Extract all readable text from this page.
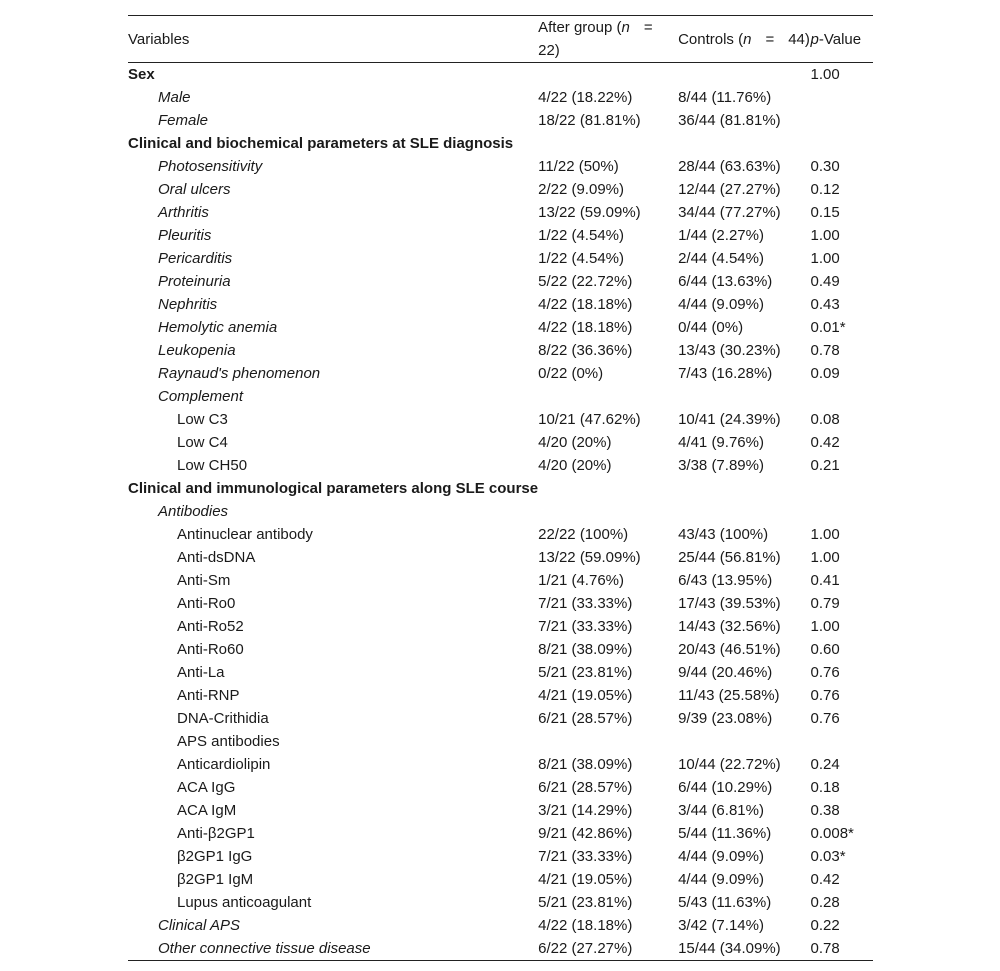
Variables	After group (n =22)	Controls (n = 44)	p-Value
Sex			1.00
Male	4/22 (18.22%)	8/44 (11.76%)	
Female	18/22 (81.81%)	36/44 (81.81%)	
Clinical and biochemical parameters at SLE diagnosis			
Photosensitivity	11/22 (50%)	28/44 (63.63%)	0.30
Oral ulcers	2/22 (9.09%)	12/44 (27.27%)	0.12
Arthritis	13/22 (59.09%)	34/44 (77.27%)	0.15
Pleuritis	1/22 (4.54%)	1/44 (2.27%)	1.00
Pericarditis	1/22 (4.54%)	2/44 (4.54%)	1.00
Proteinuria	5/22 (22.72%)	6/44 (13.63%)	0.49
Nephritis	4/22 (18.18%)	4/44 (9.09%)	0.43
Hemolytic anemia	4/22 (18.18%)	0/44 (0%)	0.01*
Leukopenia	8/22 (36.36%)	13/43 (30.23%)	0.78
Raynaud's phenomenon	0/22 (0%)	7/43 (16.28%)	0.09
Complement			
Low C3	10/21 (47.62%)	10/41 (24.39%)	0.08
Low C4	4/20 (20%)	4/41 (9.76%)	0.42
Low CH50	4/20 (20%)	3/38 (7.89%)	0.21
Clinical and immunological parameters along SLE course			
Antibodies			
Antinuclear antibody	22/22 (100%)	43/43 (100%)	1.00
Anti-dsDNA	13/22 (59.09%)	25/44 (56.81%)	1.00
Anti-Sm	1/21 (4.76%)	6/43 (13.95%)	0.41
Anti-Ro0	7/21 (33.33%)	17/43 (39.53%)	0.79
Anti-Ro52	7/21 (33.33%)	14/43 (32.56%)	1.00
Anti-Ro60	8/21 (38.09%)	20/43 (46.51%)	0.60
Anti-La	5/21 (23.81%)	9/44 (20.46%)	0.76
Anti-RNP	4/21 (19.05%)	11/43 (25.58%)	0.76
DNA-Crithidia	6/21 (28.57%)	9/39 (23.08%)	0.76
APS antibodies			
Anticardiolipin	8/21 (38.09%)	10/44 (22.72%)	0.24
ACA IgG	6/21 (28.57%)	6/44 (10.29%)	0.18
ACA IgM	3/21 (14.29%)	3/44 (6.81%)	0.38
Anti-β2GP1	9/21 (42.86%)	5/44 (11.36%)	0.008*
β2GP1 IgG	7/21 (33.33%)	4/44 (9.09%)	0.03*
β2GP1 IgM	4/21 (19.05%)	4/44 (9.09%)	0.42
Lupus anticoagulant	5/21 (23.81%)	5/43 (11.63%)	0.28
Clinical APS	4/22 (18.18%)	3/42 (7.14%)	0.22
Other connective tissue disease	6/22 (27.27%)	15/44 (34.09%)	0.78
